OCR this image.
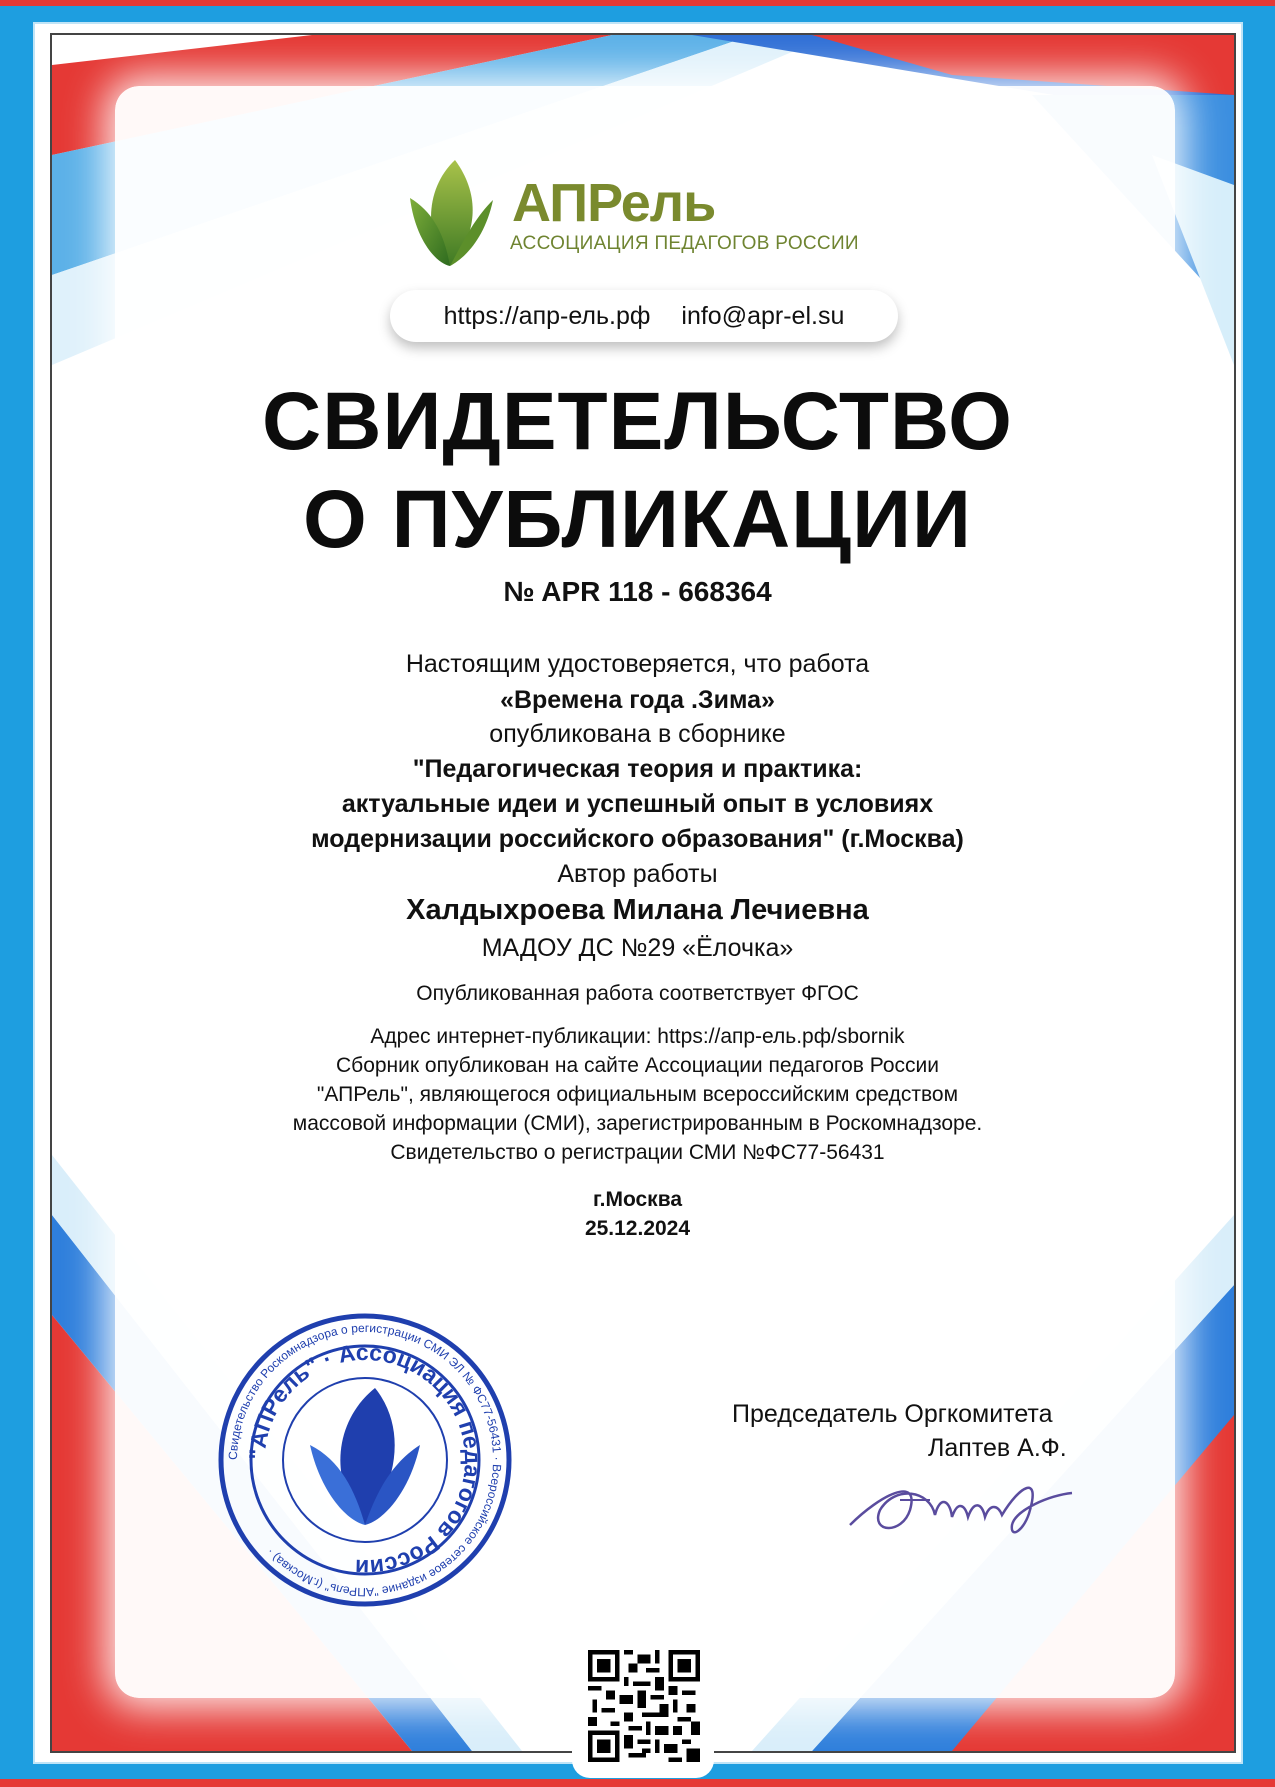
АПРель
АССОЦИАЦИЯ ПЕДАГОГОВ РОССИИ
https://апр-ель.рф info@apr-el.su
СВИДЕТЕЛЬСТВО
О ПУБЛИКАЦИИ
№ APR 118 - 668364
Настоящим удостоверяется, что работа
«Времена года .Зима»
опубликована в сборнике
"Педагогическая теория и практика:
актуальные идеи и успешный опыт в условиях
модернизации российского образования" (г.Москва)
Автор работы
Халдыхроева Милана Лечиевна
МАДОУ ДС №29 «Ёлочка»
Опубликованная работа соответствует ФГОС
Адрес интернет-публикации: https://апр-ель.рф/sbornik
Сборник опубликован на сайте Ассоциации педагогов России
"АПРель", являющегося официальным всероссийским средством
массовой информации (СМИ), зарегистрированным в Роскомнадзоре.
Свидетельство о регистрации СМИ №ФС77-56431
г.Москва
25.12.2024
Свидетельство Роскомнадзора о регистрации СМИ ЭЛ № ФС77-56431 · Всероссийское сетевое издание "АПРель" (г.Москва) ·
"АПРель" · Ассоциация педагогов России
Председатель Оргкомитета
Лаптев А.Ф.
